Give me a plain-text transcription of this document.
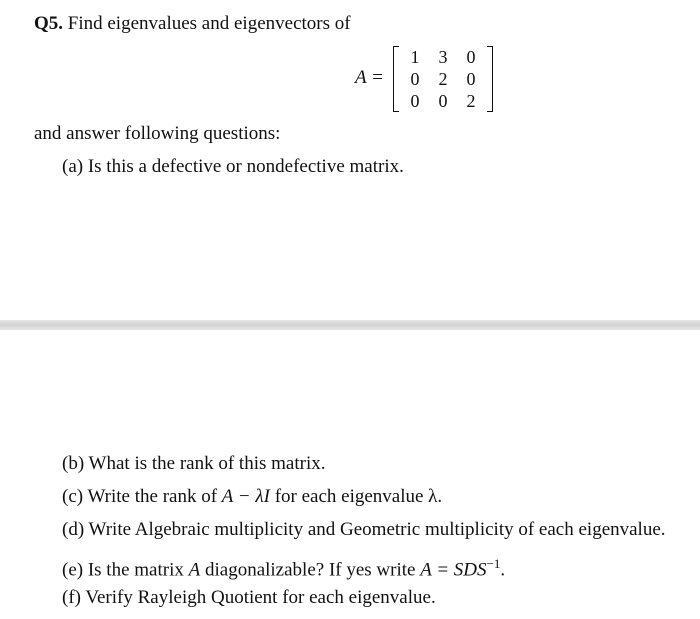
Q5. Find eigenvalues and eigenvectors of
A =
1	3	0
0	2	0
0	0	2
and answer following questions:
(a) Is this a defective or nondefective matrix.
(b) What is the rank of this matrix.
(c) Write the rank of A − λI for each eigenvalue λ.
(d) Write Algebraic multiplicity and Geometric multiplicity of each eigenvalue.
(e) Is the matrix A diagonalizable? If yes write $A = SDS^{-1}$.
(f) Verify Rayleigh Quotient for each eigenvalue.
